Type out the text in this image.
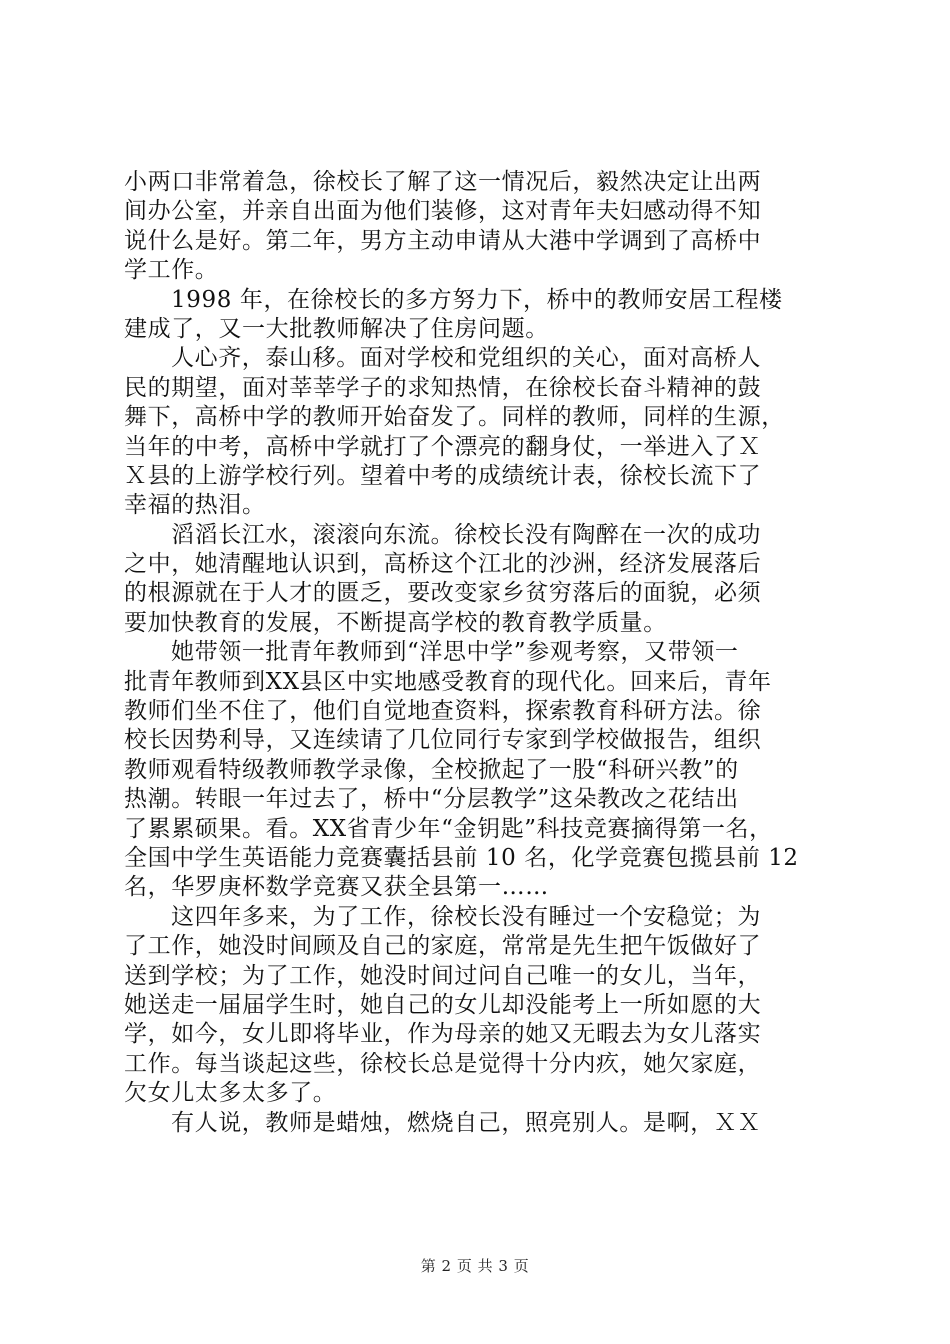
小两口非常着急，徐校长了解了这一情况后，毅然决定让出两
间办公室，并亲自出面为他们装修，这对青年夫妇感动得不知
说什么是好。第二年，男方主动申请从大港中学调到了高桥中
学工作。
1998 年，在徐校长的多方努力下，桥中的教师安居工程楼
建成了，又一大批教师解决了住房问题。
人心齐，泰山移。面对学校和党组织的关心，面对高桥人
民的期望，面对莘莘学子的求知热情，在徐校长奋斗精神的鼓
舞下，高桥中学的教师开始奋发了。同样的教师，同样的生源，
当年的中考，高桥中学就打了个漂亮的翻身仗，一举进入了Ｘ
Ｘ县的上游学校行列。望着中考的成绩统计表，徐校长流下了
幸福的热泪。
滔滔长江水，滚滚向东流。徐校长没有陶醉在一次的成功
之中，她清醒地认识到，高桥这个江北的沙洲，经济发展落后
的根源就在于人才的匮乏，要改变家乡贫穷落后的面貌，必须
要加快教育的发展，不断提高学校的教育教学质量。
她带领一批青年教师到“洋思中学”参观考察，又带领一
批青年教师到XX县区中实地感受教育的现代化。回来后，青年
教师们坐不住了，他们自觉地查资料，探索教育科研方法。徐
校长因势利导，又连续请了几位同行专家到学校做报告，组织
教师观看特级教师教学录像，全校掀起了一股“科研兴教”的
热潮。转眼一年过去了，桥中“分层教学”这朵教改之花结出
了累累硕果。看。XX省青少年“金钥匙”科技竞赛摘得第一名，
全国中学生英语能力竞赛囊括县前 10 名，化学竞赛包揽县前 12
名，华罗庚杯数学竞赛又获全县第一……
这四年多来，为了工作，徐校长没有睡过一个安稳觉；为
了工作，她没时间顾及自己的家庭，常常是先生把午饭做好了
送到学校；为了工作，她没时间过问自己唯一的女儿，当年，
她送走一届届学生时，她自己的女儿却没能考上一所如愿的大
学，如今，女儿即将毕业，作为母亲的她又无暇去为女儿落实
工作。每当谈起这些，徐校长总是觉得十分内疚，她欠家庭，
欠女儿太多太多了。
有人说，教师是蜡烛，燃烧自己，照亮别人。是啊，ＸＸ
第 2 页 共 3 页
